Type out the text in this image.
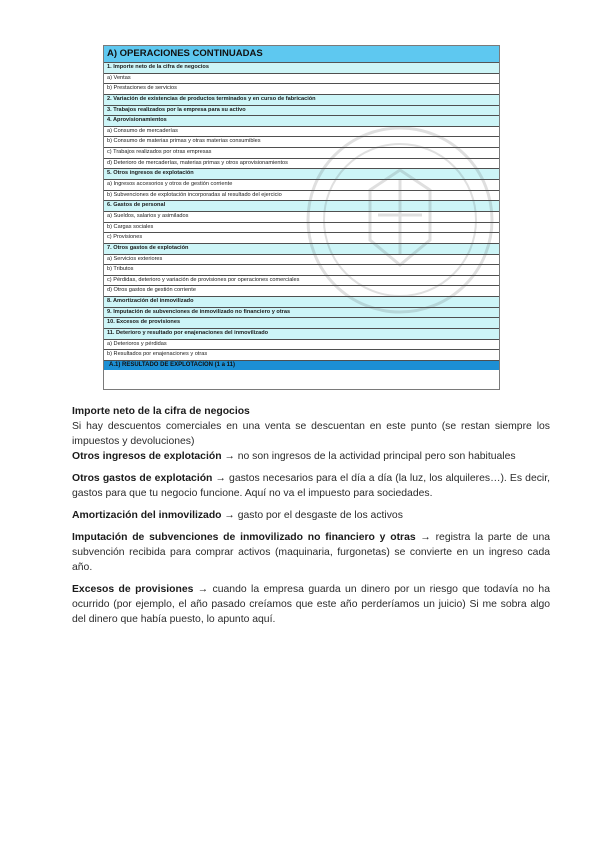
A) OPERACIONES CONTINUADAS
1. Importe neto de la cifra de negocios
a) Ventas
b) Prestaciones de servicios
2. Variación de existencias de productos terminados y en curso de fabricación
3. Trabajos realizados por la empresa para su activo
4. Aprovisionamientos
a) Consumo de mercaderías
b) Consumo de materias primas y otras materias consumibles
c) Trabajos realizados por otras empresas
d) Deterioro de mercaderías, materias primas y otros aprovisionamientos
5. Otros ingresos de explotación
a) Ingresos accesorios y otros de gestión corriente
b) Subvenciones de explotación incorporadas al resultado del ejercicio
6. Gastos de personal
a) Sueldos, salarios y asimilados
b) Cargas sociales
c) Provisiones
7. Otros gastos de explotación
a) Servicios exteriores
b) Tributos
c) Pérdidas, deterioro y variación de provisiones por operaciones comerciales
d) Otros gastos de gestión corriente
8. Amortización del inmovilizado
9. Imputación de subvenciones de inmovilizado no financiero y otras
10. Excesos de provisiones
11. Deterioro y resultado por enajenaciones del inmovilizado
a) Deterioros y pérdidas
b) Resultados por enajenaciones y otras
A.1) RESULTADO DE EXPLOTACIÓN (1 a 11)

Importe neto de la cifra de negocios
Si hay descuentos comerciales en una venta se descuentan en este punto (se restan siempre los impuestos y devoluciones)

Otros ingresos de explotación → no son ingresos de la actividad principal pero son habituales

Otros gastos de explotación → gastos necesarios para el día a día (la luz, los alquileres…). Es decir, gastos para que tu negocio funcione. Aquí no va el impuesto para sociedades.

Amortización del inmovilizado → gasto por el desgaste de los activos

Imputación de subvenciones de inmovilizado no financiero y otras → registra la parte de una subvención recibida para comprar activos (maquinaria, furgonetas) se convierte en un ingreso cada año.

Excesos de provisiones → cuando la empresa guarda un dinero por un riesgo que todavía no ha ocurrido (por ejemplo, el año pasado creíamos que este año perderíamos un juicio) Si me sobra algo del dinero que había puesto, lo apunto aquí.
